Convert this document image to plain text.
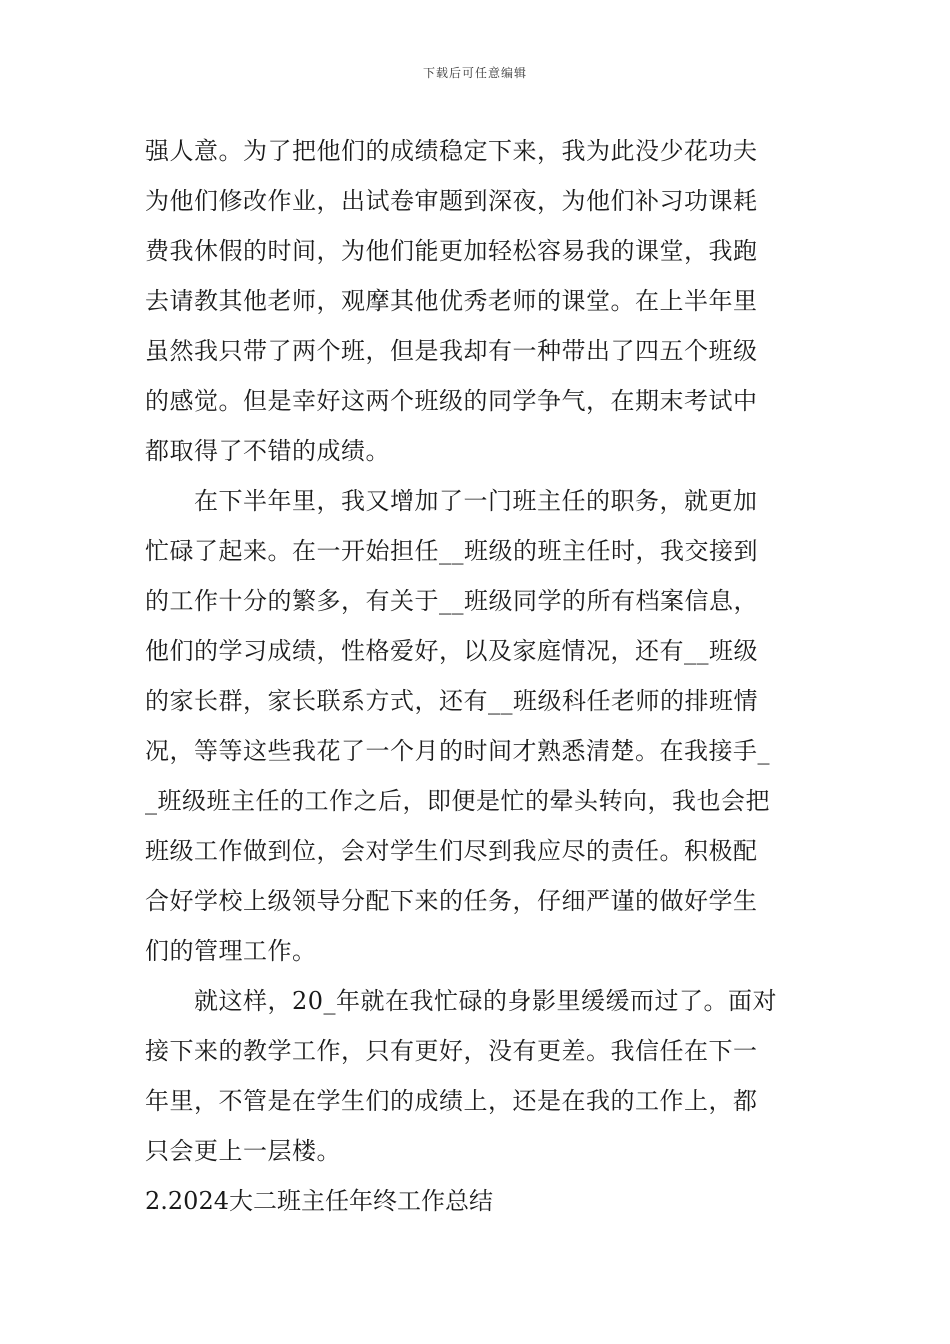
下载后可任意编辑
强人意。为了把他们的成绩稳定下来，我为此没少花功夫
为他们修改作业，出试卷审题到深夜，为他们补习功课耗
费我休假的时间，为他们能更加轻松容易我的课堂，我跑
去请教其他老师，观摩其他优秀老师的课堂。在上半年里
虽然我只带了两个班，但是我却有一种带出了四五个班级
的感觉。但是幸好这两个班级的同学争气，在期末考试中
都取得了不错的成绩。
　　在下半年里，我又增加了一门班主任的职务，就更加
忙碌了起来。在一开始担任__班级的班主任时，我交接到
的工作十分的繁多，有关于__班级同学的所有档案信息，
他们的学习成绩，性格爱好，以及家庭情况，还有__班级
的家长群，家长联系方式，还有__班级科任老师的排班情
况，等等这些我花了一个月的时间才熟悉清楚。在我接手_
_班级班主任的工作之后，即便是忙的晕头转向，我也会把
班级工作做到位，会对学生们尽到我应尽的责任。积极配
合好学校上级领导分配下来的任务，仔细严谨的做好学生
们的管理工作。
　　就这样，20_年就在我忙碌的身影里缓缓而过了。面对
接下来的教学工作，只有更好，没有更差。我信任在下一
年里，不管是在学生们的成绩上，还是在我的工作上，都
只会更上一层楼。
2.2024大二班主任年终工作总结
